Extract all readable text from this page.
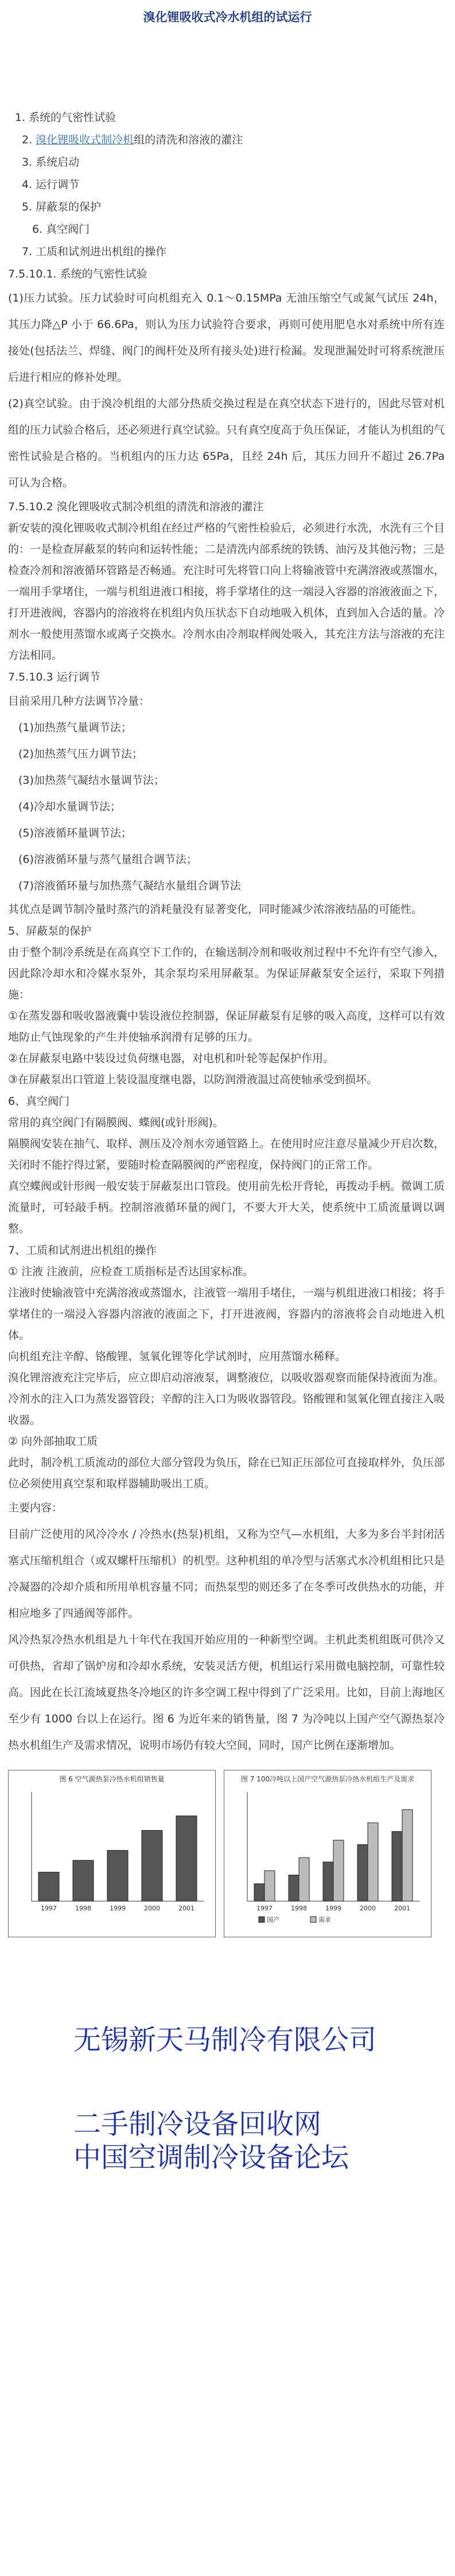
溴化锂吸收式冷水机组的试运行
1. 系统的气密性试验
2. 溴化锂吸收式制冷机组的清洗和溶液的灌注
3. 系统启动
4. 运行调节
5. 屏蔽泵的保护
6. 真空阀门
7. 工质和试剂进出机组的操作
7.5.10.1. 系统的气密性试验
(1)压力试验。压力试验时可向机组充入 0.1～0.15MPa 无油压缩空气或氮气试压 24h，其压力降△P 小于 66.6Pa，则认为压力试验符合要求，再则可使用肥皂水对系统中所有连接处(包括法兰、焊缝、阀门的阀杆处及所有接头处)进行检漏。发现泄漏处时可将系统泄压后进行相应的修补处理。
(2)真空试验。由于溴冷机组的大部分热质交换过程是在真空状态下进行的，因此尽管对机组的压力试验合格后，还必须进行真空试验。只有真空度高于负压保证，才能认为机组的气密性试验是合格的。当机组内的压力达 65Pa，且经 24h 后，其压力回升不超过 26.7Pa 可认为合格。
7.5.10.2 溴化锂吸收式制冷机组的清洗和溶液的灌注
新安装的溴化锂吸收式制冷机组在经过严格的气密性检验后，必须进行水洗，水洗有三个目的：一是检查屏蔽泵的转向和运转性能；二是清洗内部系统的铁锈、油污及其他污物；三是检查冷剂和溶液循环管路是否畅通。充注时可先将管口向上将输液管中充满溶液或蒸馏水，一端用手掌堵住，一端与机组进液口相接，将手掌堵住的这一端浸入容器的溶液液面之下，打开进液阀，容器内的溶液将在机组内负压状态下自动地吸入机体，直到加入合适的量。冷剂水一般使用蒸馏水或离子交换水。冷剂水由冷剂取样阀处吸入，其充注方法与溶液的充注方法相同。
7.5.10.3 运行调节
目前采用几种方法调节冷量：
(1)加热蒸气量调节法；
(2)加热蒸气压力调节法；
(3)加热蒸气凝结水量调节法；
(4)冷却水量调节法；
(5)溶液循环量调节法；
(6)溶液循环量与蒸气量组合调节法；
(7)溶液循环量与加热蒸气凝结水量组合调节法
其优点是调节制冷量时蒸汽的消耗量没有显著变化，同时能减少浓溶液结晶的可能性。
5、屏蔽泵的保护
由于整个制冷系统是在高真空下工作的，在输送制冷剂和吸收剂过程中不允许有空气渗入，因此除冷却水和冷媒水泵外，其余泵均采用屏蔽泵。为保证屏蔽泵安全运行，采取下列措施：
①在蒸发器和吸收器液囊中装设液位控制器，保证屏蔽泵有足够的吸入高度，这样可以有效地防止气蚀现象的产生并使轴承润滑有足够的压力。
②在屏蔽泵电路中装设过负荷继电器，对电机和叶轮等起保护作用。
③在屏蔽泵出口管道上装设温度继电器，以防润滑液温过高使轴承受到损坏。
6、真空阀门
常用的真空阀门有隔膜阀、蝶阀(或针形阀)。
隔膜阀安装在抽气、取样、测压及冷剂水旁通管路上。在使用时应注意尽量减少开启次数，关闭时不能拧得过紧，要随时检查隔膜阀的严密程度，保持阀门的正常工作。
真空蝶阀或针形阀一般安装于屏蔽泵出口管段。使用前先松开背轮，再拨动手柄。微调工质流量时，可轻敲手柄。控制溶液循环量的阀门，不要大开大关，使系统中工质流量调以调整。
7、工质和试剂进出机组的操作
① 注液 注液前，应检查工质指标是否达国家标准。
注液时使输液管中充满溶液或蒸馏水，注液管一端用手堵住，一端与机组进液口相接；将手掌堵住的一端浸入容器内溶液的液面之下，打开进液阀，容器内的溶液将会自动地进入机体。
向机组充注辛醇、铬酸锂、氢氧化锂等化学试剂时，应用蒸馏水稀释。
溴化锂溶液充注完毕后，应立即启动溶液泵，调整液位，以吸收器观察而能保持液面为准。
冷剂水的注入口为蒸发器管段；辛醇的注入口为吸收器管段。铬酸锂和氢氧化锂直接注入吸收器。
② 向外部抽取工质
此时，制冷机工质流动的部位大部分管段为负压，除在已知正压部位可直接取样外，负压部位必须使用真空泵和取样器辅助吸出工质。
主要内容：
目前广泛使用的风冷冷水 / 冷热水(热泵)机组，又称为空气—水机组，大多为多台半封闭活塞式压缩机组合（或双螺杆压缩机）的机型。这种机组的单冷型与活塞式水冷机组相比只是冷凝器的冷却介质和所用单机容量不同；而热泵型的则还多了在冬季可改供热水的功能，并相应地多了四通阀等部件。
风冷热泵冷热水机组是九十年代在我国开始应用的一种新型空调。主机此类机组既可供冷又可供热，省却了锅炉房和冷却水系统，安装灵活方便，机组运行采用微电脑控制，可靠性较高。因此在长江流域夏热冬冷地区的许多空调工程中得到了广泛采用。比如，目前上海地区至少有 1000 台以上在运行。图 6 为近年来的销售量，图 7 为冷吨以上国产空气源热泵冷热水机组生产及需求情况，说明市场仍有较大空间，同时，国产比例在逐渐增加。
图 6 空气源热泵冷热水机组销售量
1997	1998	1999	2000	2001
图 7 100冷吨以上国产空气源热泵冷热水机组生产及需求
1997	1998	1999	2000	2001
国产	需求
无锡新天马制冷有限公司
二手制冷设备回收网
中国空调制冷设备论坛
